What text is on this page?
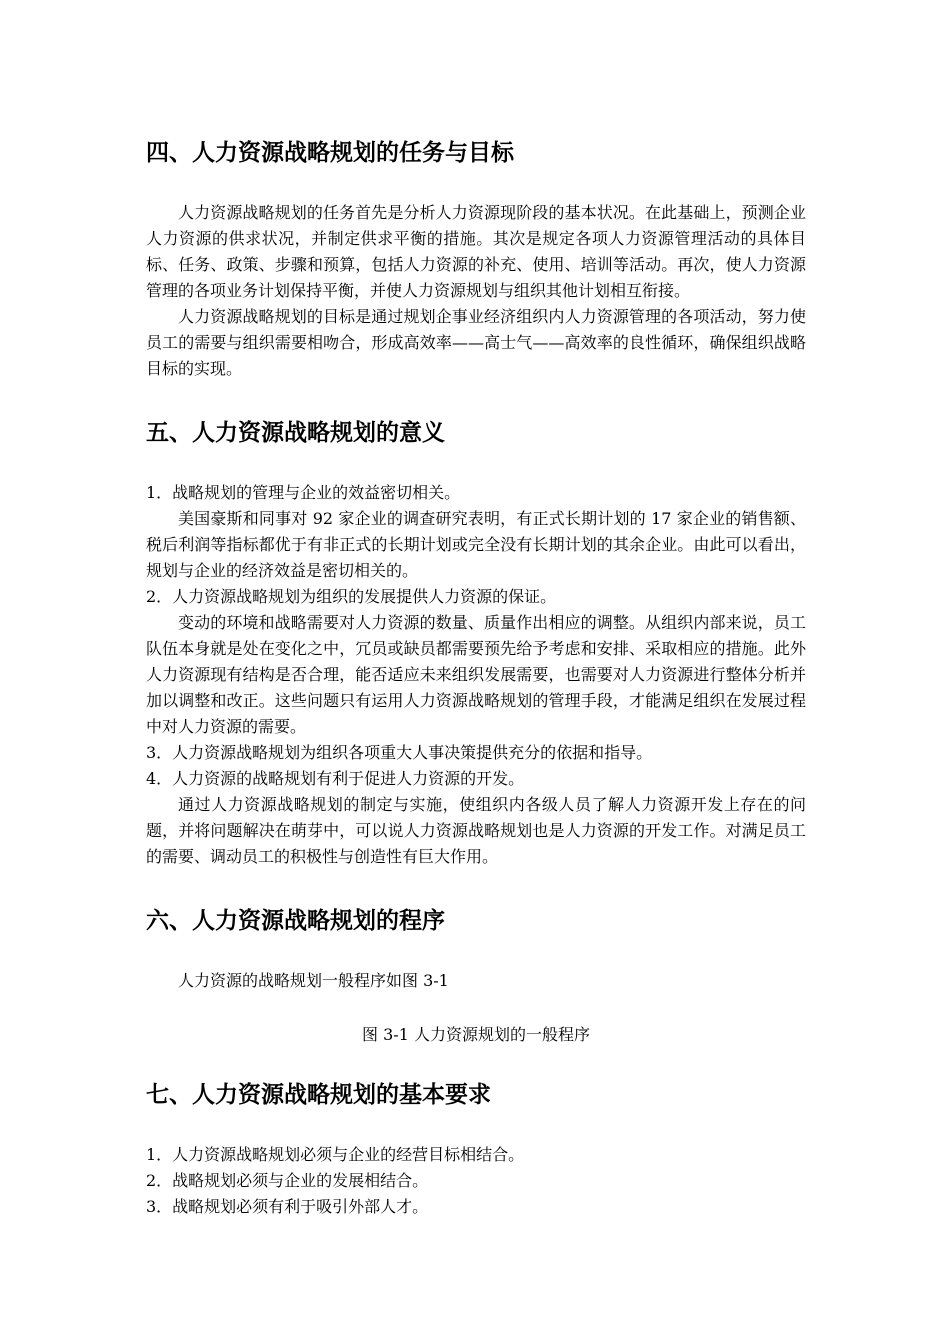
四、人力资源战略规划的任务与目标

人力资源战略规划的任务首先是分析人力资源现阶段的基本状况。在此基础上，预测企业人力资源的供求状况，并制定供求平衡的措施。其次是规定各项人力资源管理活动的具体目标、任务、政策、步骤和预算，包括人力资源的补充、使用、培训等活动。再次，使人力资源管理的各项业务计划保持平衡，并使人力资源规划与组织其他计划相互衔接。

人力资源战略规划的目标是通过规划企事业经济组织内人力资源管理的各项活动，努力使员工的需要与组织需要相吻合，形成高效率——高士气——高效率的良性循环，确保组织战略目标的实现。

五、人力资源战略规划的意义

1．战略规划的管理与企业的效益密切相关。

美国豪斯和同事对 92 家企业的调查研究表明，有正式长期计划的 17 家企业的销售额、税后利润等指标都优于有非正式的长期计划或完全没有长期计划的其余企业。由此可以看出，规划与企业的经济效益是密切相关的。

2．人力资源战略规划为组织的发展提供人力资源的保证。

变动的环境和战略需要对人力资源的数量、质量作出相应的调整。从组织内部来说，员工队伍本身就是处在变化之中，冗员或缺员都需要预先给予考虑和安排、采取相应的措施。此外人力资源现有结构是否合理，能否适应未来组织发展需要，也需要对人力资源进行整体分析并加以调整和改正。这些问题只有运用人力资源战略规划的管理手段，才能满足组织在发展过程中对人力资源的需要。

3．人力资源战略规划为组织各项重大人事决策提供充分的依据和指导。

4．人力资源的战略规划有利于促进人力资源的开发。

通过人力资源战略规划的制定与实施，使组织内各级人员了解人力资源开发上存在的问题，并将问题解决在萌芽中，可以说人力资源战略规划也是人力资源的开发工作。对满足员工的需要、调动员工的积极性与创造性有巨大作用。

六、人力资源战略规划的程序

人力资源的战略规划一般程序如图 3-1

图 3-1 人力资源规划的一般程序

七、人力资源战略规划的基本要求

1．人力资源战略规划必须与企业的经营目标相结合。

2．战略规划必须与企业的发展相结合。

3．战略规划必须有利于吸引外部人才。
